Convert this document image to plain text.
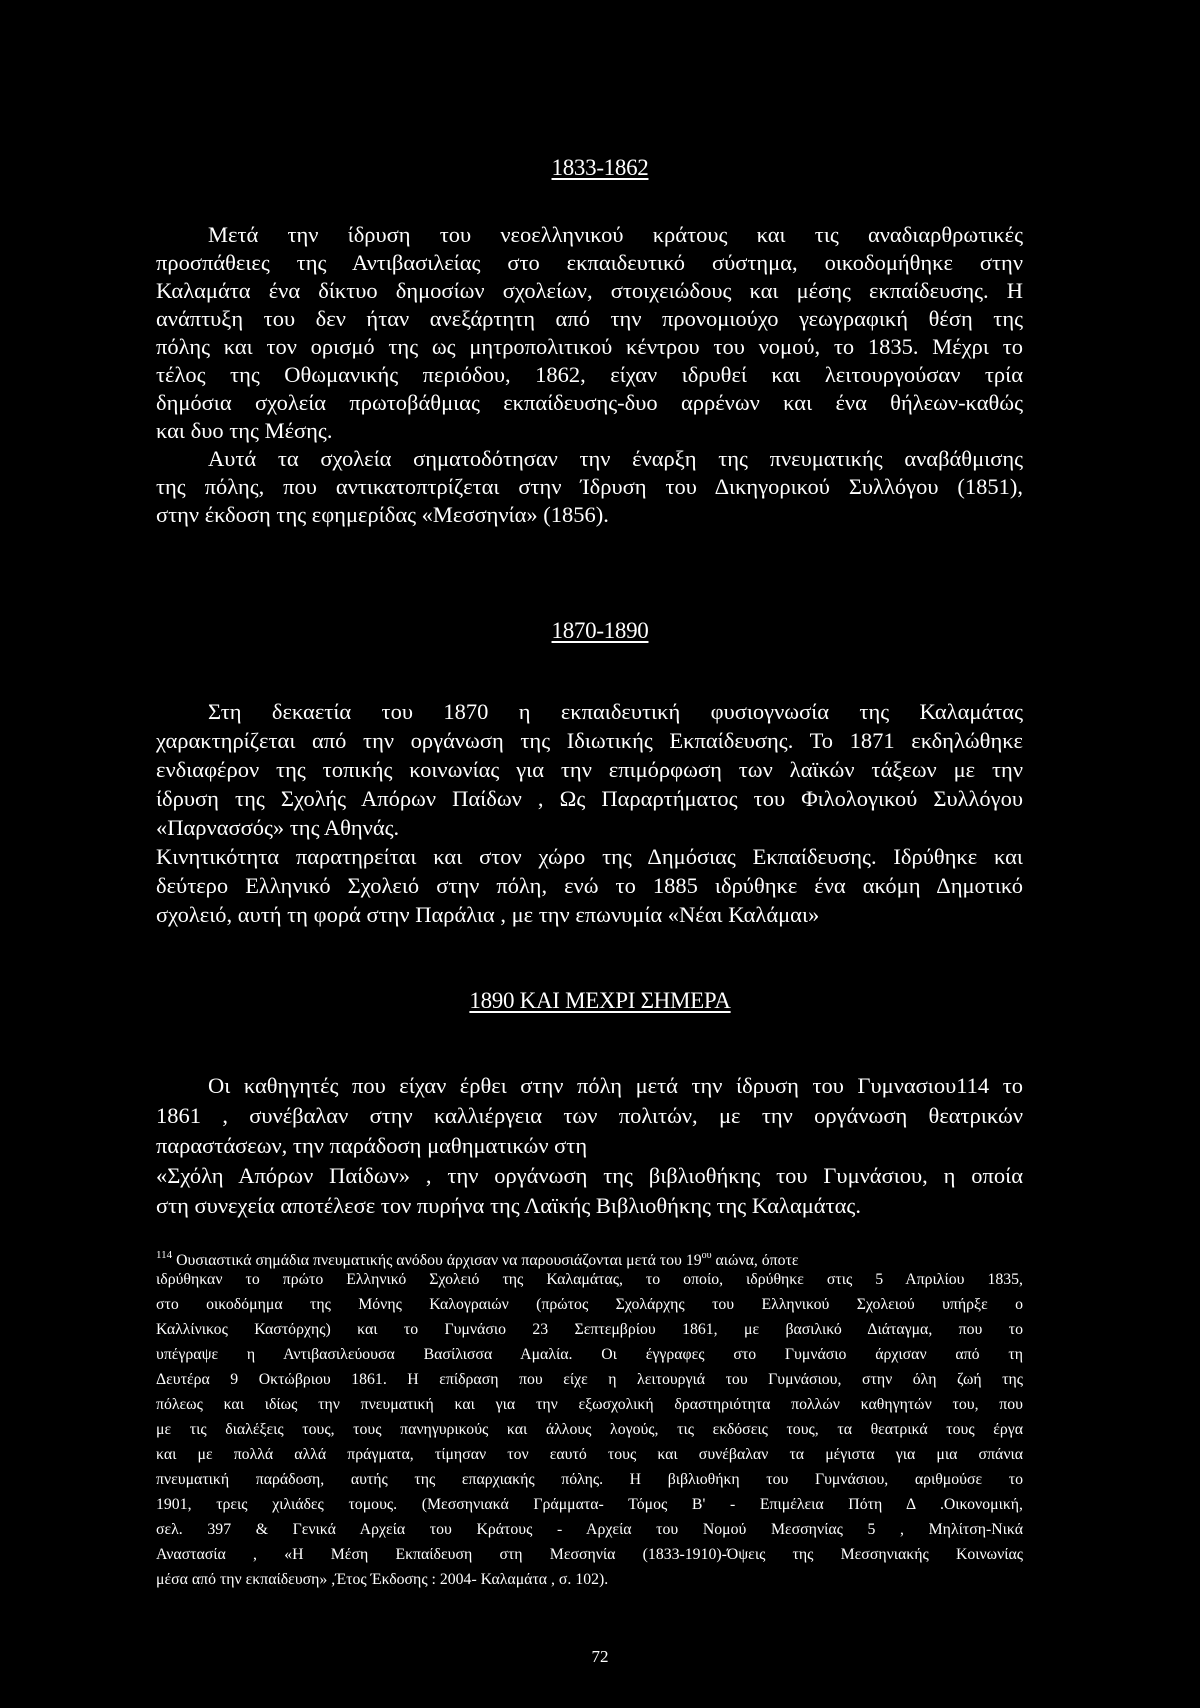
1833-1862

Μετά την ίδρυση του νεοελληνικού κράτους και τις αναδιαρθρωτικές

προσπάθειες της Αντιβασιλείας στο εκπαιδευτικό σύστημα, οικοδομήθηκε στην

Καλαμάτα ένα δίκτυο δημοσίων σχολείων, στοιχειώδους και μέσης εκπαίδευσης. Η

ανάπτυξη του δεν ήταν ανεξάρτητη από την προνομιούχο γεωγραφική θέση της

πόλης και τον ορισμό της ως μητροπολιτικού κέντρου του νομού, το 1835. Μέχρι το

τέλος της Οθωμανικής περιόδου, 1862, είχαν ιδρυθεί και λειτουργούσαν τρία

δημόσια σχολεία πρωτοβάθμιας εκπαίδευσης-δυο αρρένων και ένα θήλεων-καθώς

και δυο της Μέσης.

Αυτά τα σχολεία σηματοδότησαν την έναρξη της πνευματικής αναβάθμισης

της πόλης, που αντικατοπτρίζεται στην Ίδρυση του Δικηγορικού Συλλόγου (1851),

στην έκδοση της εφημερίδας «Μεσσηνία» (1856).

1870-1890

Στη δεκαετία του 1870 η εκπαιδευτική φυσιογνωσία της Καλαμάτας

χαρακτηρίζεται από την οργάνωση της Ιδιωτικής Εκπαίδευσης. Το 1871 εκδηλώθηκε

ενδιαφέρον της τοπικής κοινωνίας για την επιμόρφωση των λαϊκών τάξεων με την

ίδρυση της Σχολής Απόρων Παίδων , Ως Παραρτήματος του Φιλολογικού Συλλόγου

«Παρνασσός» της Αθηνάς.

Κινητικότητα παρατηρείται και στον χώρο της Δημόσιας Εκπαίδευσης. Ιδρύθηκε και

δεύτερο Ελληνικό Σχολειό στην πόλη, ενώ το 1885 ιδρύθηκε ένα ακόμη Δημοτικό

σχολειό, αυτή τη φορά στην Παράλια , με την επωνυμία «Νέαι Καλάμαι»

1890 ΚΑΙ ΜΕΧΡΙ ΣΗΜΕΡΑ

Οι καθηγητές που είχαν έρθει στην πόλη μετά την ίδρυση του Γυμνασιου114 το

1861 , συνέβαλαν στην καλλιέργεια των πολιτών, με την οργάνωση θεατρικών

παραστάσεων, την παράδοση μαθηματικών στη

«Σχόλη Απόρων Παίδων» , την οργάνωση της βιβλιοθήκης του Γυμνάσιου, η οποία

στη συνεχεία αποτέλεσε τον πυρήνα της Λαϊκής Βιβλιοθήκης της Καλαμάτας.

$^{114}$ Ουσιαστικά σημάδια πνευματικής ανόδου άρχισαν να παρουσιάζονται μετά του $19^{o\upsilon}$ αιώνα, όποτε

ιδρύθηκαν το πρώτο Ελληνικό Σχολειό της Καλαμάτας, το οποίο, ιδρύθηκε στις 5 Απριλίου 1835,

στο οικοδόμημα της Μόνης Καλογραιών (πρώτος Σχολάρχης του Ελληνικού Σχολειού υπήρξε ο

Καλλίνικος Καστόρχης) και το Γυμνάσιο 23 Σεπτεμβρίου 1861, με βασιλικό Διάταγμα, που το

υπέγραψε η Αντιβασιλεύουσα Βασίλισσα Αμαλία. Οι έγγραφες στο Γυμνάσιο άρχισαν από τη

Δευτέρα 9 Οκτώβριου 1861. Η επίδραση που είχε η λειτουργιά του Γυμνάσιου, στην όλη ζωή της

πόλεως και ιδίως την πνευματική και για την εξωσχολική δραστηριότητα πολλών καθηγητών του, που

με τις διαλέξεις τους, τους πανηγυρικούς και άλλους λογούς, τις εκδόσεις τους, τα θεατρικά τους έργα

και με πολλά αλλά πράγματα, τίμησαν τον εαυτό τους και συνέβαλαν τα μέγιστα για μια σπάνια

πνευματική παράδοση, αυτής της επαρχιακής πόλης. Η βιβλιοθήκη του Γυμνάσιου, αριθμούσε το

1901, τρεις χιλιάδες τομους. (Μεσσηνιακά Γράμματα- Τόμος Β' - Επιμέλεια Πότη Δ .Οικονομική,

σελ. 397 & Γενικά Αρχεία του Κράτους - Αρχεία του Νομού Μεσσηνίας 5 , Μηλίτση-Νικά

Αναστασία , «Η Μέση Εκπαίδευση στη Μεσσηνία (1833-1910)-Όψεις της Μεσσηνιακής Κοινωνίας

μέσα από την εκπαίδευση» ,Έτος Έκδοσης : 2004- Καλαμάτα , σ. 102).

72
